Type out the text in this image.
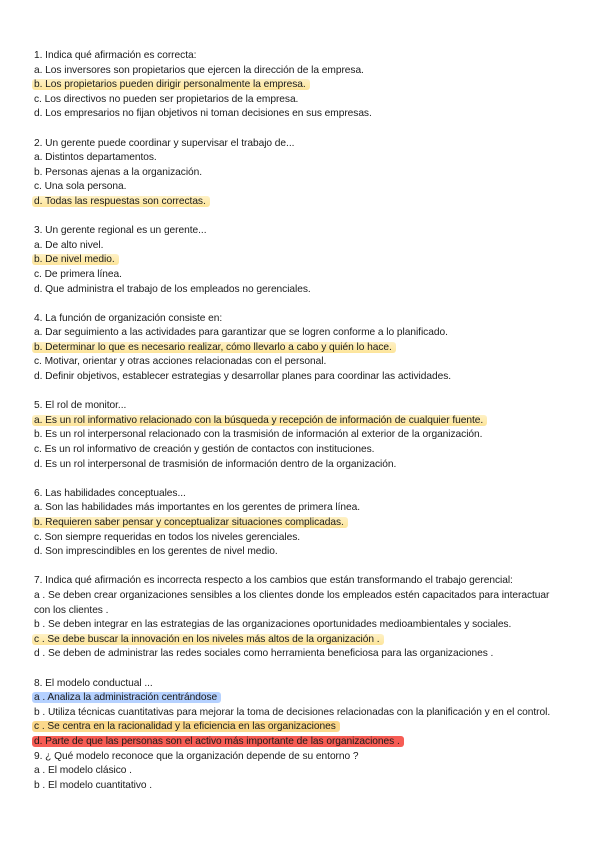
1. Indica qué afirmación es correcta:
a. Los inversores son propietarios que ejercen la dirección de la empresa.
b. Los propietarios pueden dirigir personalmente la empresa.
c. Los directivos no pueden ser propietarios de la empresa.
d. Los empresarios no fijan objetivos ni toman decisiones en sus empresas.
2. Un gerente puede coordinar y supervisar el trabajo de...
a. Distintos departamentos.
b. Personas ajenas a la organización.
c. Una sola persona.
d. Todas las respuestas son correctas.
3. Un gerente regional es un gerente...
a. De alto nivel.
b. De nivel medio.
c. De primera línea.
d. Que administra el trabajo de los empleados no gerenciales.
4. La función de organización consiste en:
a. Dar seguimiento a las actividades para garantizar que se logren conforme a lo planificado.
b. Determinar lo que es necesario realizar, cómo llevarlo a cabo y quién lo hace.
c. Motivar, orientar y otras acciones relacionadas con el personal.
d. Definir objetivos, establecer estrategias y desarrollar planes para coordinar las actividades.
5. El rol de monitor...
a. Es un rol informativo relacionado con la búsqueda y recepción de información de cualquier fuente.
b. Es un rol interpersonal relacionado con la trasmisión de información al exterior de la organización.
c. Es un rol informativo de creación y gestión de contactos con instituciones.
d. Es un rol interpersonal de trasmisión de información dentro de la organización.
6. Las habilidades conceptuales...
a. Son las habilidades más importantes en los gerentes de primera línea.
b. Requieren saber pensar y conceptualizar situaciones complicadas.
c. Son siempre requeridas en todos los niveles gerenciales.
d. Son imprescindibles en los gerentes de nivel medio.
7. Indica qué afirmación es incorrecta respecto a los cambios que están transformando el trabajo gerencial:
a . Se deben crear organizaciones sensibles a los clientes donde los empleados estén capacitados para interactuar con los clientes .
b . Se deben integrar en las estrategias de las organizaciones oportunidades medioambientales y sociales.
c . Se debe buscar la innovación en los niveles más altos de la organización .
d . Se deben de administrar las redes sociales como herramienta beneficiosa para las organizaciones .
8. El modelo conductual ...
a . Analiza la administración centrándose
b . Utiliza técnicas cuantitativas para mejorar la toma de decisiones relacionadas con la planificación y en el control.
c . Se centra en la racionalidad y la eficiencia en las organizaciones
d. Parte de que las personas son el activo más importante de las organizaciones .
9. ¿ Qué modelo reconoce que la organización depende de su entorno ?
a . El modelo clásico .
b . El modelo cuantitativo .
